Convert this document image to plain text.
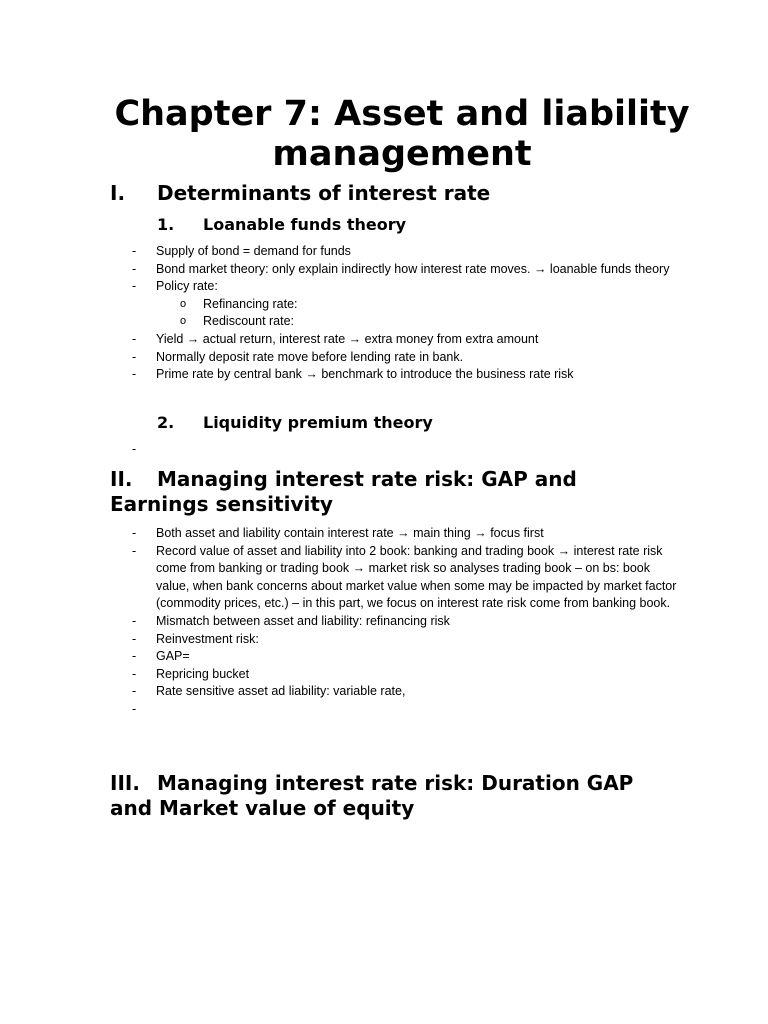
Chapter 7: Asset and liability management
I. Determinants of interest rate
1. Loanable funds theory
- Supply of bond = demand for funds
- Bond market theory: only explain indirectly how interest rate moves. → loanable funds theory
- Policy rate:
o Refinancing rate:
o Rediscount rate:
- Yield → actual return, interest rate → extra money from extra amount
- Normally deposit rate move before lending rate in bank.
- Prime rate by central bank → benchmark to introduce the business rate risk
2. Liquidity premium theory
-
II. Managing interest rate risk: GAP and Earnings sensitivity
- Both asset and liability contain interest rate → main thing → focus first
- Record value of asset and liability into 2 book: banking and trading book → interest rate risk come from banking or trading book → market risk so analyses trading book – on bs: book value, when bank concerns about market value when some may be impacted by market factor (commodity prices, etc.) – in this part, we focus on interest rate risk come from banking book.
- Mismatch between asset and liability: refinancing risk
- Reinvestment risk:
- GAP=
- Repricing bucket
- Rate sensitive asset ad liability: variable rate,
-
III. Managing interest rate risk: Duration GAP and Market value of equity
